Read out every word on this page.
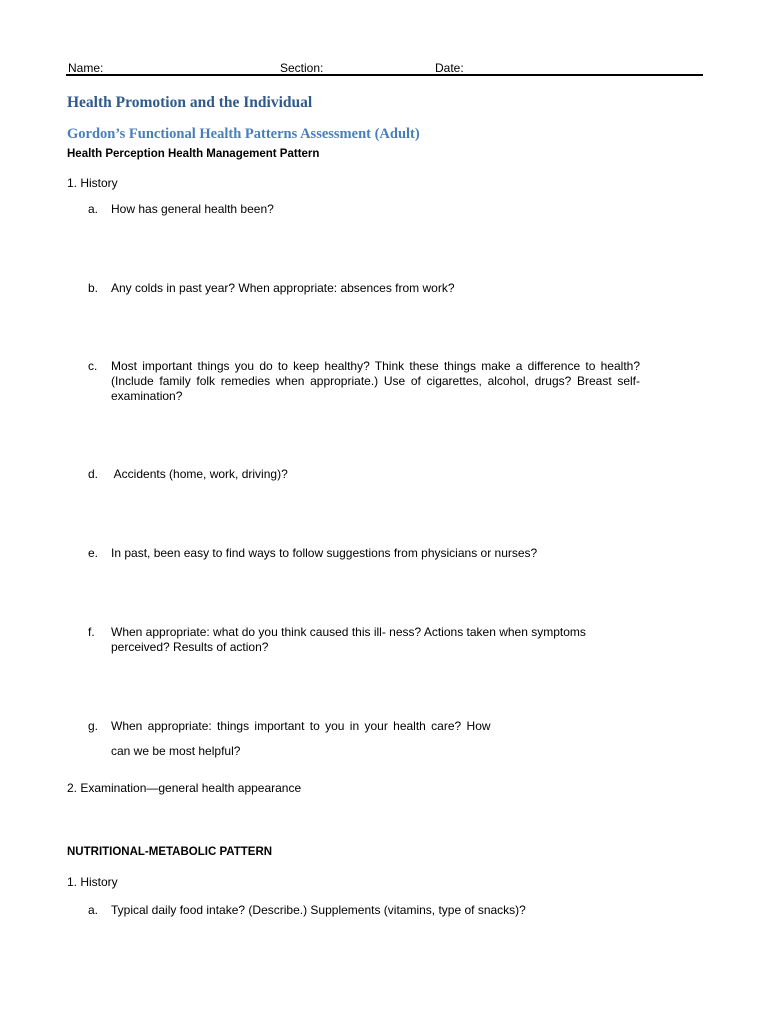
Name:	Section:	Date:
Health Promotion and the Individual
Gordon’s Functional Health Patterns Assessment (Adult)
Health Perception Health Management Pattern
1. History
a. How has general health been?
b. Any colds in past year? When appropriate: absences from work?
c. Most important things you do to keep healthy? Think these things make a difference to health? (Include family folk remedies when appropriate.) Use of cigarettes, alcohol, drugs? Breast self-examination?
d. Accidents (home, work, driving)?
e. In past, been easy to find ways to follow suggestions from physicians or nurses?
f. When appropriate: what do you think caused this ill- ness? Actions taken when symptoms perceived? Results of action?
g. When appropriate: things important to you in your health care? How
can we be most helpful?
2. Examination—general health appearance
NUTRITIONAL-METABOLIC PATTERN
1. History
a. Typical daily food intake? (Describe.) Supplements (vitamins, type of snacks)?
